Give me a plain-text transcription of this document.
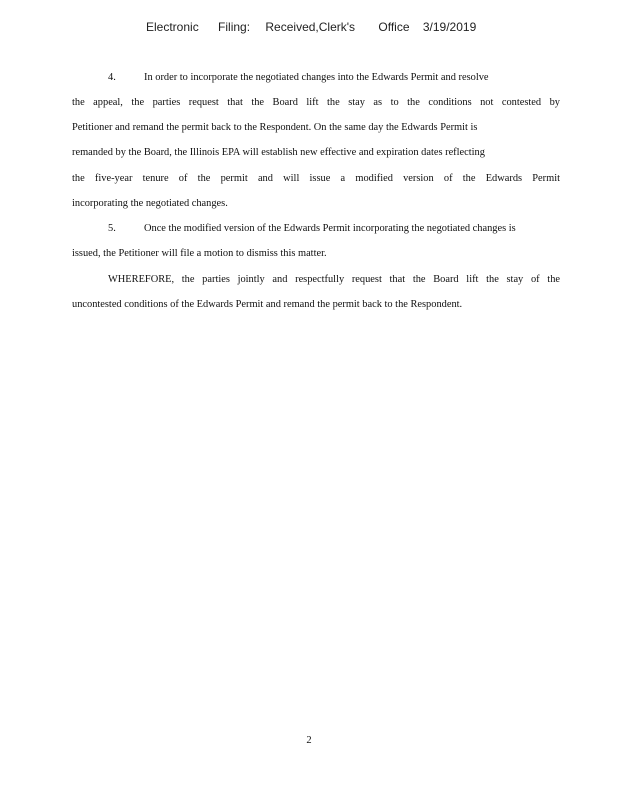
Electronic Filing: Received,Clerk's Office 3/19/2019
4.	In order to incorporate the negotiated changes into the Edwards Permit and resolve
the appeal, the parties request that the Board lift the stay as to the conditions not contested by
Petitioner and remand the permit back to the Respondent. On the same day the Edwards Permit is
remanded by the Board, the Illinois EPA will establish new effective and expiration dates reflecting
the five-year tenure of the permit and will issue a modified version of the Edwards Permit
incorporating the negotiated changes.
5.	Once the modified version of the Edwards Permit incorporating the negotiated changes is
issued, the Petitioner will file a motion to dismiss this matter.
WHEREFORE, the parties jointly and respectfully request that the Board lift the stay of the
uncontested conditions of the Edwards Permit and remand the permit back to the Respondent.
2
